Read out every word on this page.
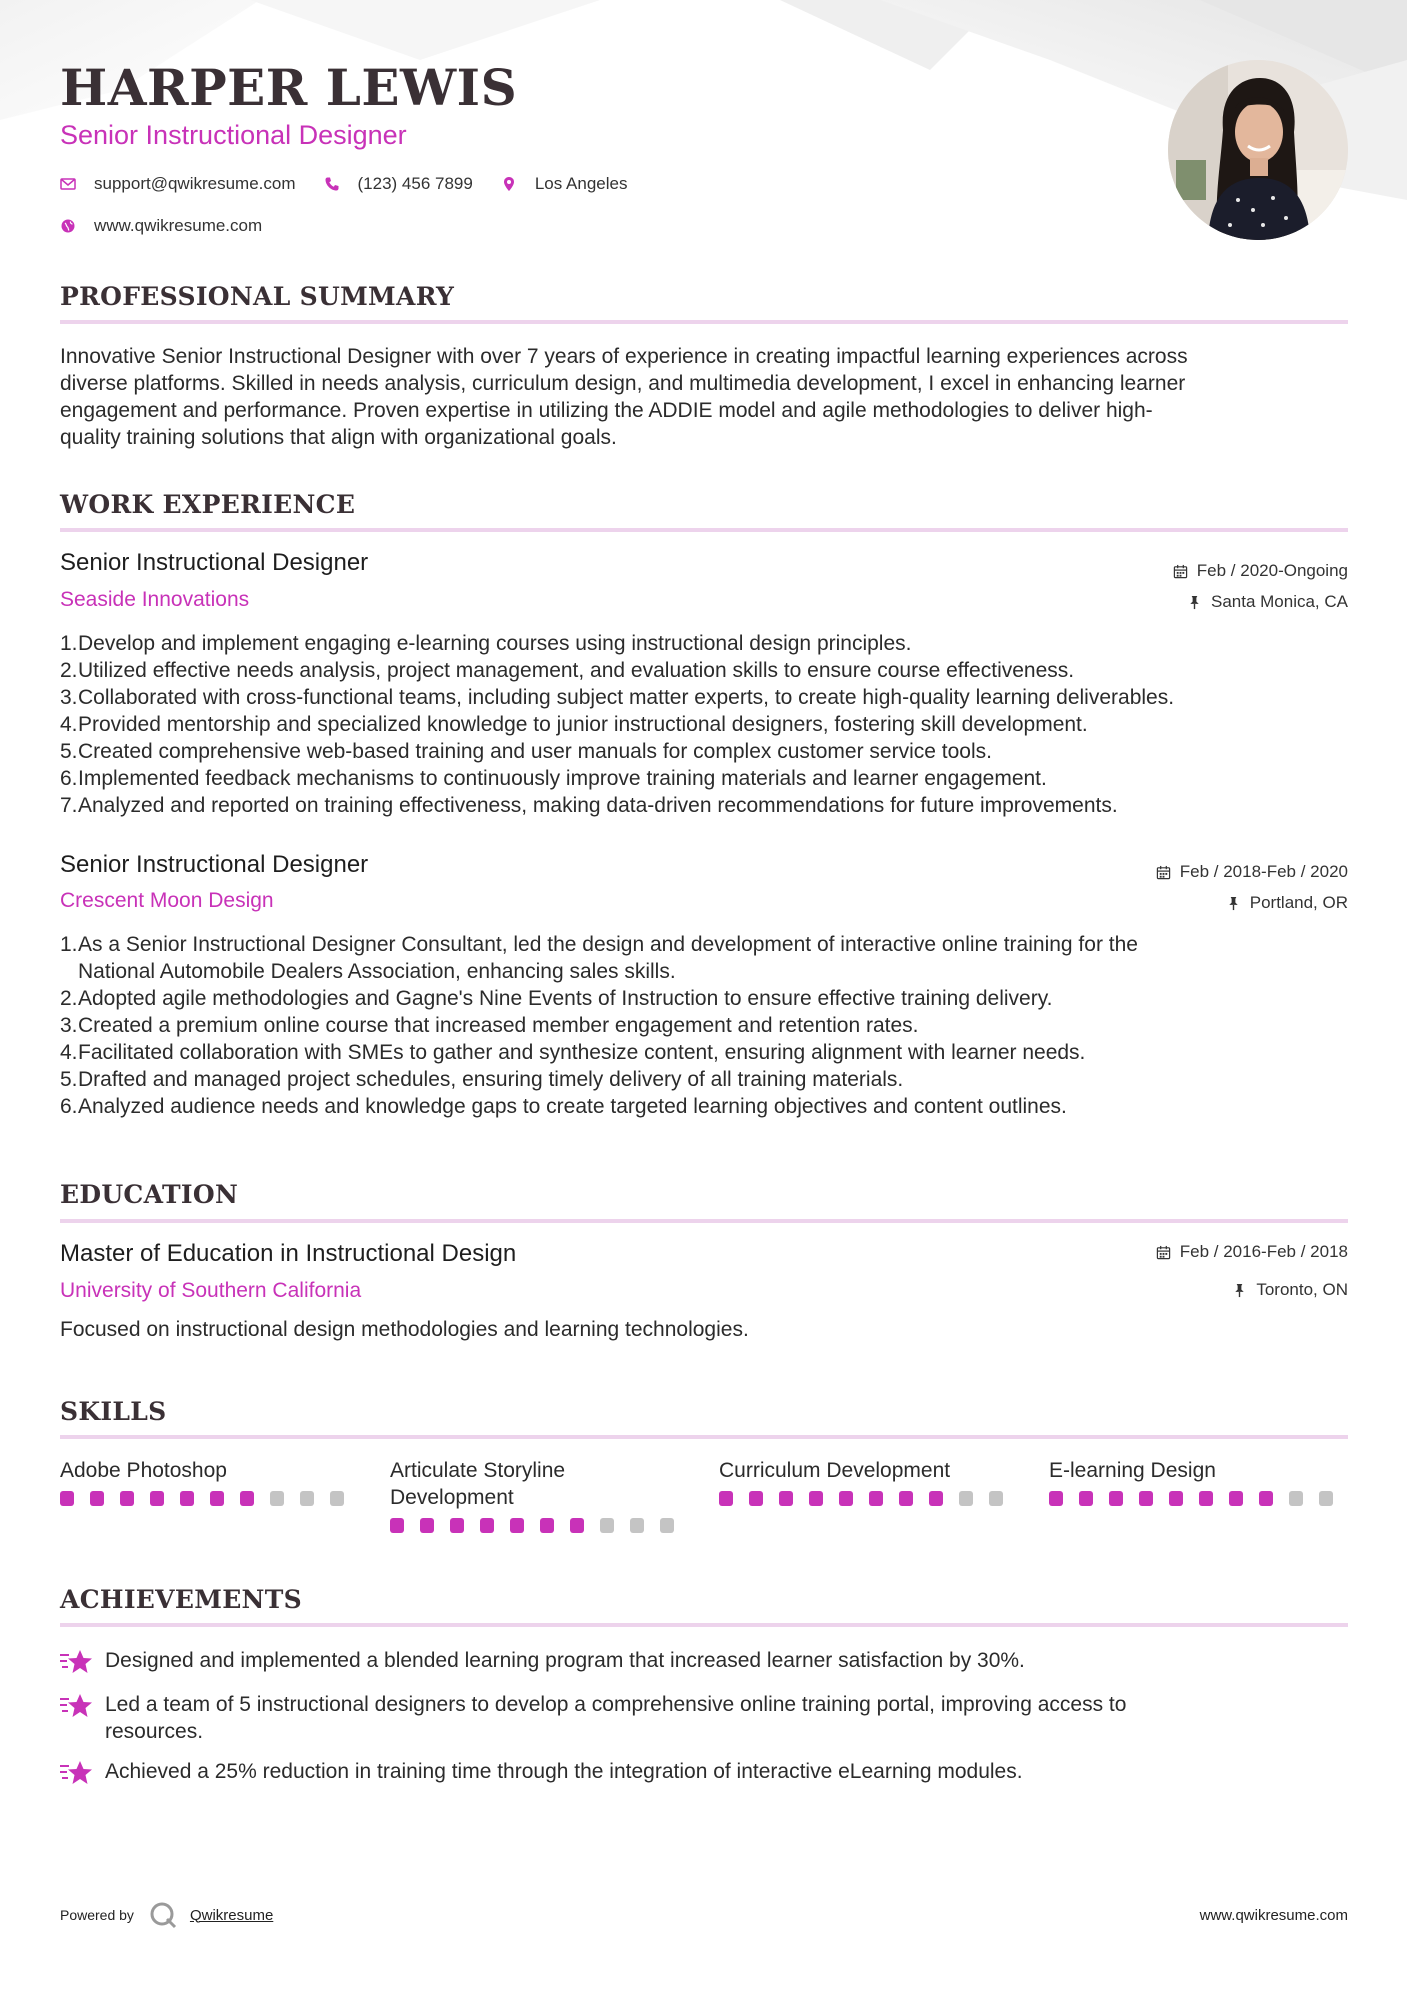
HARPER LEWIS
Senior Instructional Designer
support@qwikresume.com	(123) 456 7899	Los Angeles
www.qwikresume.com
PROFESSIONAL SUMMARY
Innovative Senior Instructional Designer with over 7 years of experience in creating impactful learning experiences across
diverse platforms. Skilled in needs analysis, curriculum design, and multimedia development, I excel in enhancing learner
engagement and performance. Proven expertise in utilizing the ADDIE model and agile methodologies to deliver high-
quality training solutions that align with organizational goals.
WORK EXPERIENCE
Senior Instructional Designer
Seaside Innovations
Feb / 2020-Ongoing
Santa Monica, CA
1. Develop and implement engaging e-learning courses using instructional design principles.
2. Utilized effective needs analysis, project management, and evaluation skills to ensure course effectiveness.
3. Collaborated with cross-functional teams, including subject matter experts, to create high-quality learning deliverables.
4. Provided mentorship and specialized knowledge to junior instructional designers, fostering skill development.
5. Created comprehensive web-based training and user manuals for complex customer service tools.
6. Implemented feedback mechanisms to continuously improve training materials and learner engagement.
7. Analyzed and reported on training effectiveness, making data-driven recommendations for future improvements.
Senior Instructional Designer
Crescent Moon Design
Feb / 2018-Feb / 2020
Portland, OR
1. As a Senior Instructional Designer Consultant, led the design and development of interactive online training for the
National Automobile Dealers Association, enhancing sales skills.
2. Adopted agile methodologies and Gagne's Nine Events of Instruction to ensure effective training delivery.
3. Created a premium online course that increased member engagement and retention rates.
4. Facilitated collaboration with SMEs to gather and synthesize content, ensuring alignment with learner needs.
5. Drafted and managed project schedules, ensuring timely delivery of all training materials.
6. Analyzed audience needs and knowledge gaps to create targeted learning objectives and content outlines.
EDUCATION
Master of Education in Instructional Design
University of Southern California
Feb / 2016-Feb / 2018
Toronto, ON
Focused on instructional design methodologies and learning technologies.
SKILLS
Adobe Photoshop	Articulate Storyline
Development
Curriculum Development	E-learning Design
ACHIEVEMENTS
Designed and implemented a blended learning program that increased learner satisfaction by 30%.
Led a team of 5 instructional designers to develop a comprehensive online training portal, improving access to
resources.
Achieved a 25% reduction in training time through the integration of interactive eLearning modules.
Powered by	Qwikresume	www.qwikresume.com
